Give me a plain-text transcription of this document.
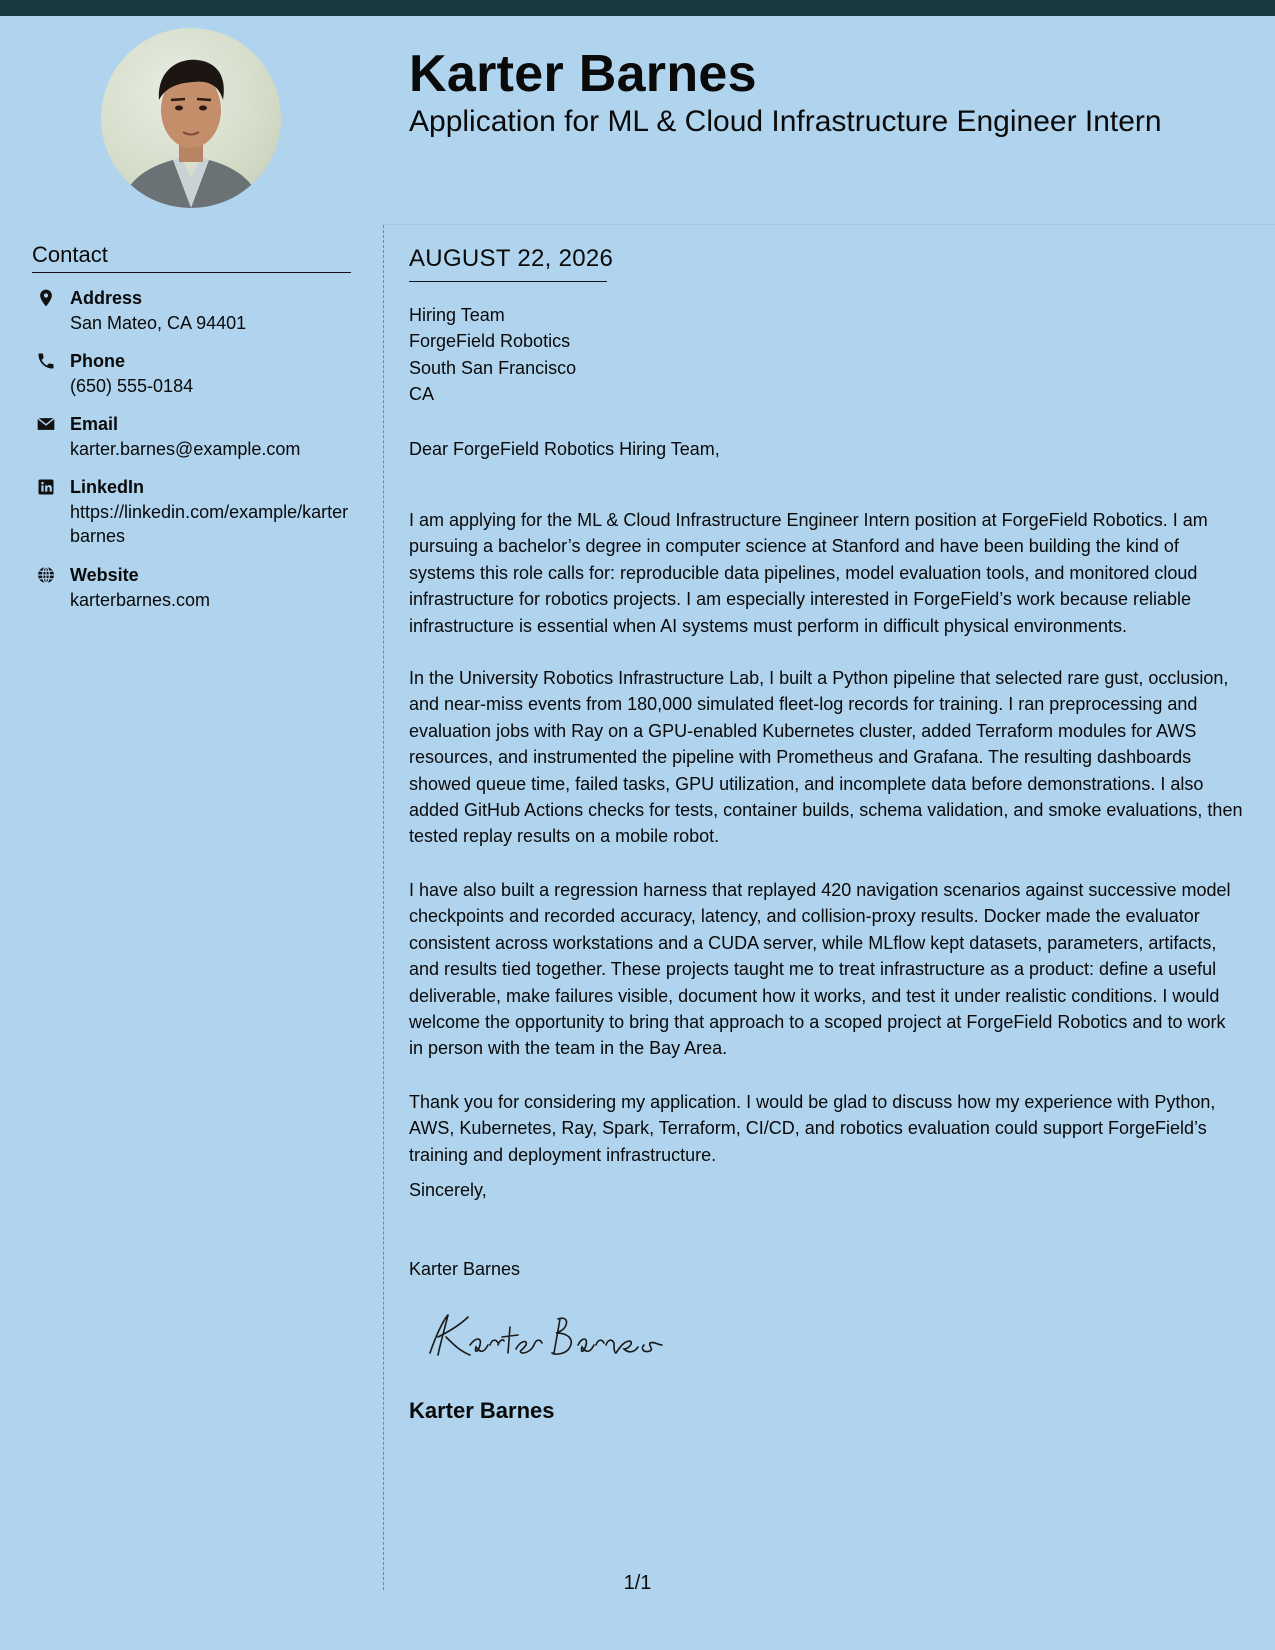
Karter Barnes
Application for ML & Cloud Infrastructure Engineer Intern
Contact
Address
San Mateo, CA 94401
Phone
(650) 555-0184
Email
karter.barnes@example.com
LinkedIn
https://linkedin.com/example/karterbarnes
Website
karterbarnes.com
AUGUST 22, 2026
Hiring Team
ForgeField Robotics
South San Francisco
CA
Dear ForgeField Robotics Hiring Team,

I am applying for the ML & Cloud Infrastructure Engineer Intern position at ForgeField Robotics. I am pursuing a bachelor’s degree in computer science at Stanford and have been building the kind of systems this role calls for: reproducible data pipelines, model evaluation tools, and monitored cloud infrastructure for robotics projects. I am especially interested in ForgeField’s work because reliable infrastructure is essential when AI systems must perform in difficult physical environments.

In the University Robotics Infrastructure Lab, I built a Python pipeline that selected rare gust, occlusion, and near-miss events from 180,000 simulated fleet-log records for training. I ran preprocessing and evaluation jobs with Ray on a GPU-enabled Kubernetes cluster, added Terraform modules for AWS resources, and instrumented the pipeline with Prometheus and Grafana. The resulting dashboards showed queue time, failed tasks, GPU utilization, and incomplete data before demonstrations. I also added GitHub Actions checks for tests, container builds, schema validation, and smoke evaluations, then tested replay results on a mobile robot.

I have also built a regression harness that replayed 420 navigation scenarios against successive model checkpoints and recorded accuracy, latency, and collision-proxy results. Docker made the evaluator consistent across workstations and a CUDA server, while MLflow kept datasets, parameters, artifacts, and results tied together. These projects taught me to treat infrastructure as a product: define a useful deliverable, make failures visible, document how it works, and test it under realistic conditions. I would welcome the opportunity to bring that approach to a scoped project at ForgeField Robotics and to work in person with the team in the Bay Area.

Thank you for considering my application. I would be glad to discuss how my experience with Python, AWS, Kubernetes, Ray, Spark, Terraform, CI/CD, and robotics evaluation could support ForgeField’s training and deployment infrastructure.

Sincerely,
Karter Barnes
Karter Barnes
1/1
